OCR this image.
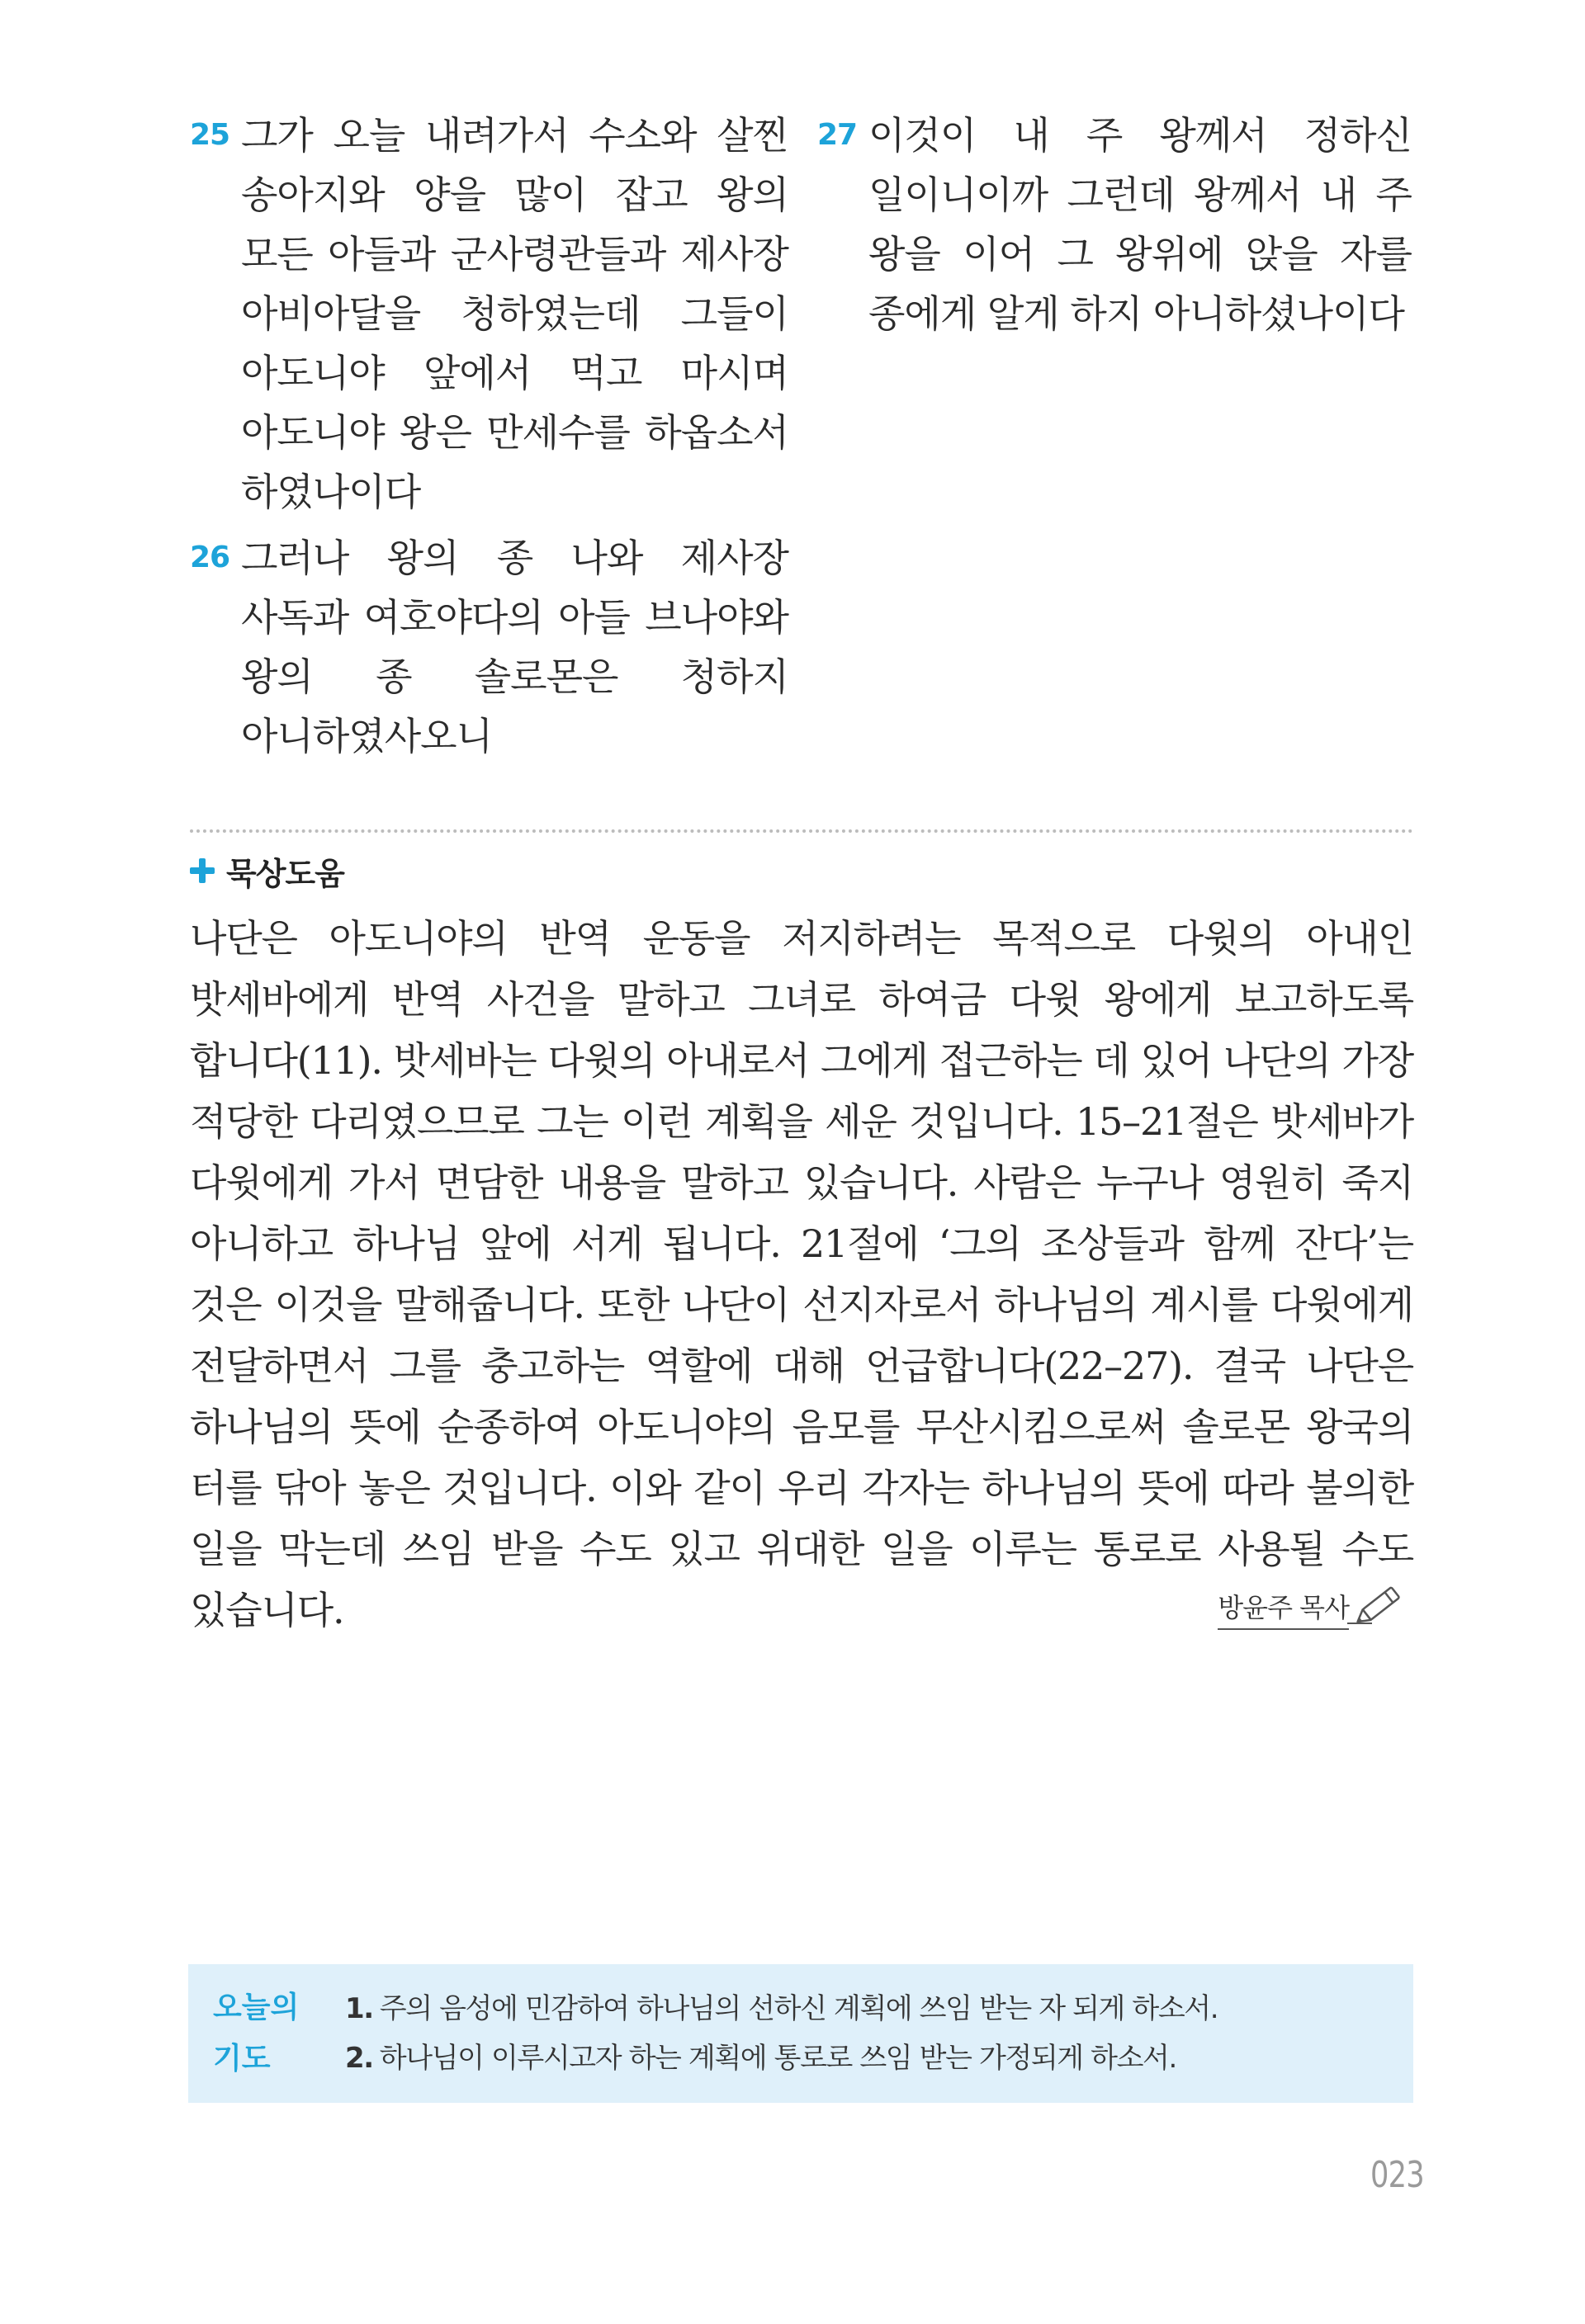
25 그가 오늘 내려가서 수소와 살찐 송아지와 양을 많이 잡고 왕의 모든 아들과 군사령관들과 제사장 아비아달을 청하였는데 그들이 아도니야 앞에서 먹고 마시며 아도니야 왕은 만세수를 하옵소서 하였나이다
26 그러나 왕의 종 나와 제사장 사독과 여호야다의 아들 브나야와 왕의 종 솔로몬은 청하지 아니하였사오니
27 이것이 내 주 왕께서 정하신 일이니이까 그런데 왕께서 내 주 왕을 이어 그 왕위에 앉을 자를 종에게 알게 하지 아니하셨나이다
묵상도움
나단은 아도니야의 반역 운동을 저지하려는 목적으로 다윗의 아내인 밧세바에게 반역 사건을 말하고 그녀로 하여금 다윗 왕에게 보고하도록 합니다(11). 밧세바는 다윗의 아내로서 그에게 접근하는 데 있어 나단의 가장 적당한 다리였으므로 그는 이런 계획을 세운 것입니다. 15–21절은 밧세바가 다윗에게 가서 면담한 내용을 말하고 있습니다. 사람은 누구나 영원히 죽지 아니하고 하나님 앞에 서게 됩니다. 21절에 ‘그의 조상들과 함께 잔다’는 것은 이것을 말해줍니다. 또한 나단이 선지자로서 하나님의 계시를 다윗에게 전달하면서 그를 충고하는 역할에 대해 언급합니다(22–27). 결국 나단은 하나님의 뜻에 순종하여 아도니야의 음모를 무산시킴으로써 솔로몬 왕국의 터를 닦아 놓은 것입니다. 이와 같이 우리 각자는 하나님의 뜻에 따라 불의한 일을 막는데 쓰임 받을 수도 있고 위대한 일을 이루는 통로로 사용될 수도 있습니다.	방윤주 목사
오늘의
기도
1. 주의 음성에 민감하여 하나님의 선하신 계획에 쓰임 받는 자 되게 하소서.
2. 하나님이 이루시고자 하는 계획에 통로로 쓰임 받는 가정되게 하소서.
023
